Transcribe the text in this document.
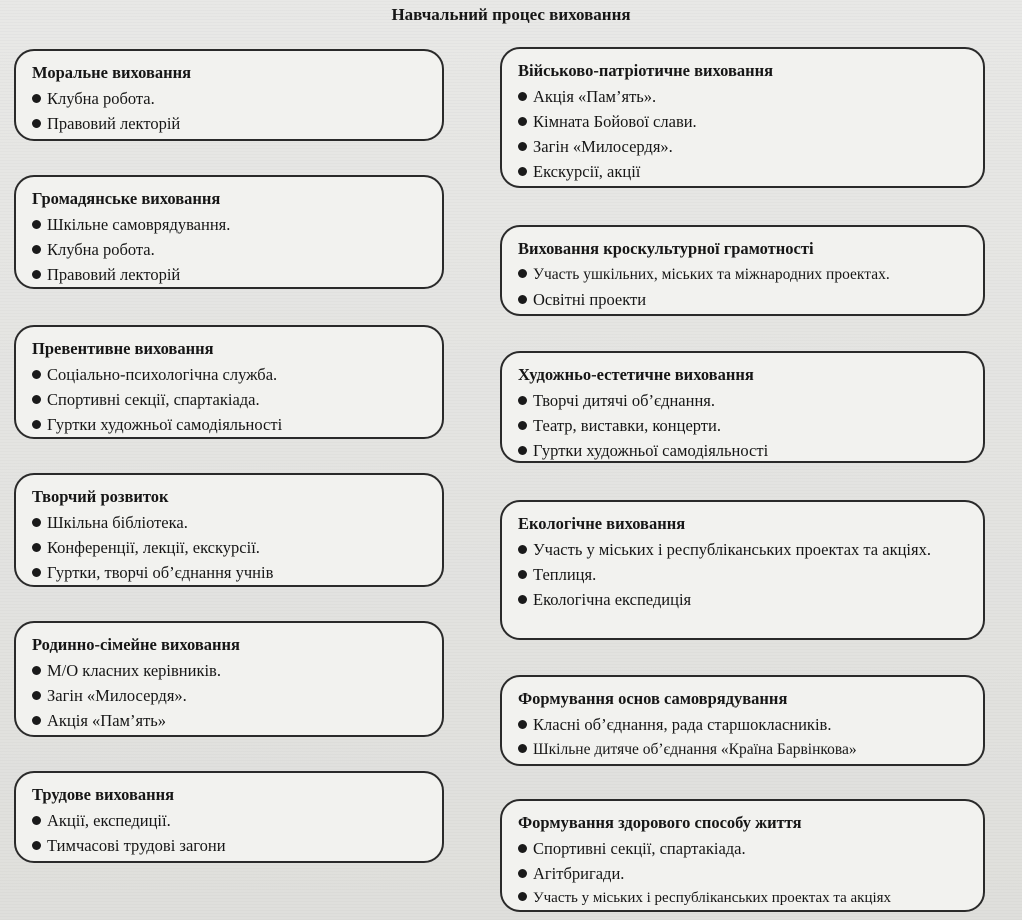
Навчальний процес виховання
Моральне виховання
Клубна робота.
Правовий лекторій
Громадянське виховання
Шкільне самоврядування.
Клубна робота.
Правовий лекторій
Превентивне виховання
Соціально-психологічна служба.
Спортивні секції, спартакіада.
Гуртки художньої самодіяльності
Творчий розвиток
Шкільна бібліотека.
Конференції, лекції, екскурсії.
Гуртки, творчі об’єднання учнів
Родинно-сімейне виховання
М/О класних керівників.
Загін «Милосердя».
Акція «Пам’ять»
Трудове виховання
Акції, експедиції.
Тимчасові трудові загони
Військово-патріотичне виховання
Акція «Пам’ять».
Кімната Бойової слави.
Загін «Милосердя».
Екскурсії, акції
Виховання кроскультурної грамотності
Участь ушкільних, міських та міжнародних проектах.
Освітні проекти
Художньо-естетичне виховання
Творчі дитячі об’єднання.
Театр, виставки, концерти.
Гуртки художньої самодіяльності
Екологічне виховання
Участь у міських і республіканських проектах та акціях.
Теплиця.
Екологічна експедиція
Формування основ самоврядування
Класні об’єднання, рада старшокласників.
Шкільне дитяче об’єднання «Країна Барвінкова»
Формування здорового способу життя
Спортивні секції, спартакіада.
Агітбригади.
Участь у міських і республіканських проектах та акціях
